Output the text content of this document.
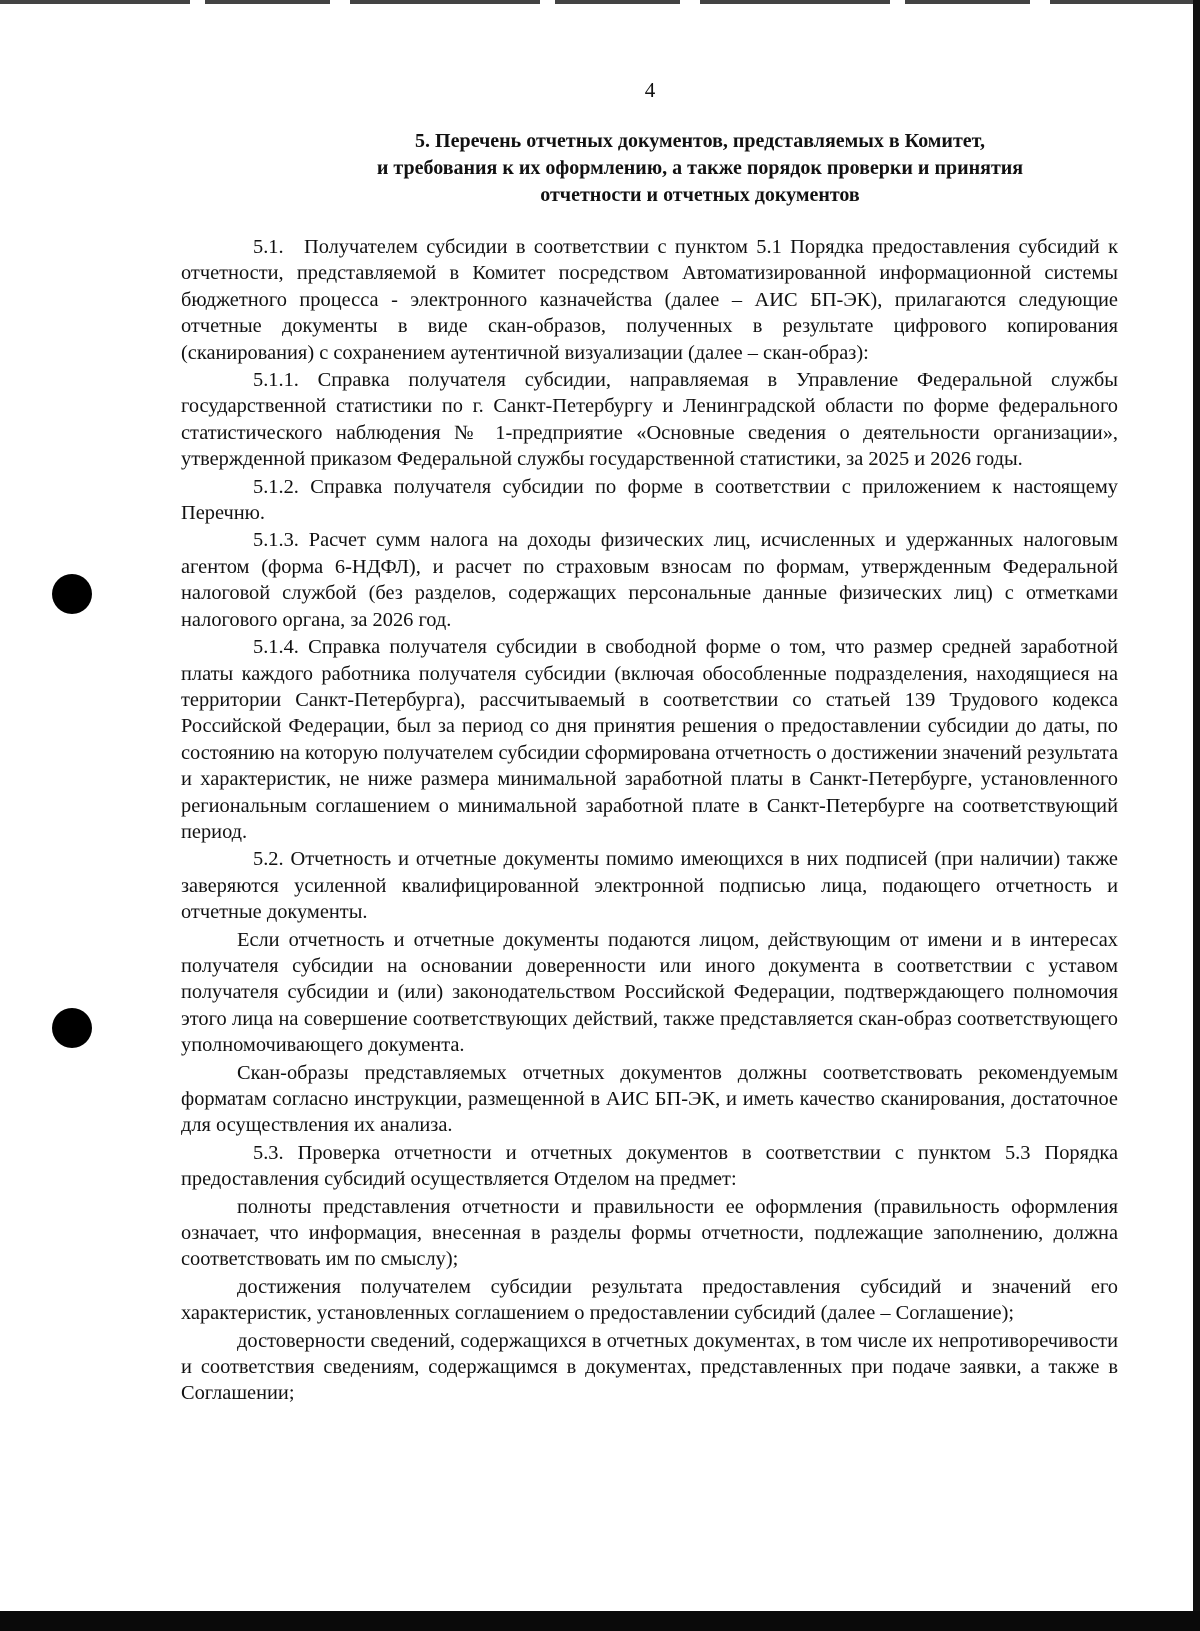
4
5. Перечень отчетных документов, представляемых в Комитет,
и требования к их оформлению, а также порядок проверки и принятия
отчетности и отчетных документов

5.1. Получателем субсидии в соответствии с пунктом 5.1 Порядка предоставления субсидий к отчетности, представляемой в Комитет посредством Автоматизированной информационной системы бюджетного процесса - электронного казначейства (далее – АИС БП-ЭК), прилагаются следующие отчетные документы в виде скан-образов, полученных в результате цифрового копирования (сканирования) с сохранением аутентичной визуализации (далее – скан-образ):

5.1.1. Справка получателя субсидии, направляемая в Управление Федеральной службы государственной статистики по г. Санкт-Петербургу и Ленинградской области по форме федерального статистического наблюдения № 1-предприятие «Основные сведения о деятельности организации», утвержденной приказом Федеральной службы государственной статистики, за 2025 и 2026 годы.

5.1.2. Справка получателя субсидии по форме в соответствии с приложением к настоящему Перечню.

5.1.3. Расчет сумм налога на доходы физических лиц, исчисленных и удержанных налоговым агентом (форма 6-НДФЛ), и расчет по страховым взносам по формам, утвержденным Федеральной налоговой службой (без разделов, содержащих персональные данные физических лиц) с отметками налогового органа, за 2026 год.

5.1.4. Справка получателя субсидии в свободной форме о том, что размер средней заработной платы каждого работника получателя субсидии (включая обособленные подразделения, находящиеся на территории Санкт-Петербурга), рассчитываемый в соответствии со статьей 139 Трудового кодекса Российской Федерации, был за период со дня принятия решения о предоставлении субсидии до даты, по состоянию на которую получателем субсидии сформирована отчетность о достижении значений результата и характеристик, не ниже размера минимальной заработной платы в Санкт-Петербурге, установленного региональным соглашением о минимальной заработной плате в Санкт-Петербурге на соответствующий период.

5.2. Отчетность и отчетные документы помимо имеющихся в них подписей (при наличии) также заверяются усиленной квалифицированной электронной подписью лица, подающего отчетность и отчетные документы.

Если отчетность и отчетные документы подаются лицом, действующим от имени и в интересах получателя субсидии на основании доверенности или иного документа в соответствии с уставом получателя субсидии и (или) законодательством Российской Федерации, подтверждающего полномочия этого лица на совершение соответствующих действий, также представляется скан-образ соответствующего уполномочивающего документа.

Скан-образы представляемых отчетных документов должны соответствовать рекомендуемым форматам согласно инструкции, размещенной в АИС БП-ЭК, и иметь качество сканирования, достаточное для осуществления их анализа.

5.3. Проверка отчетности и отчетных документов в соответствии с пунктом 5.3 Порядка предоставления субсидий осуществляется Отделом на предмет:

полноты представления отчетности и правильности ее оформления (правильность оформления означает, что информация, внесенная в разделы формы отчетности, подлежащие заполнению, должна соответствовать им по смыслу);

достижения получателем субсидии результата предоставления субсидий и значений его характеристик, установленных соглашением о предоставлении субсидий (далее – Соглашение);

достоверности сведений, содержащихся в отчетных документах, в том числе их непротиворечивости и соответствия сведениям, содержащимся в документах, представленных при подаче заявки, а также в Соглашении;
